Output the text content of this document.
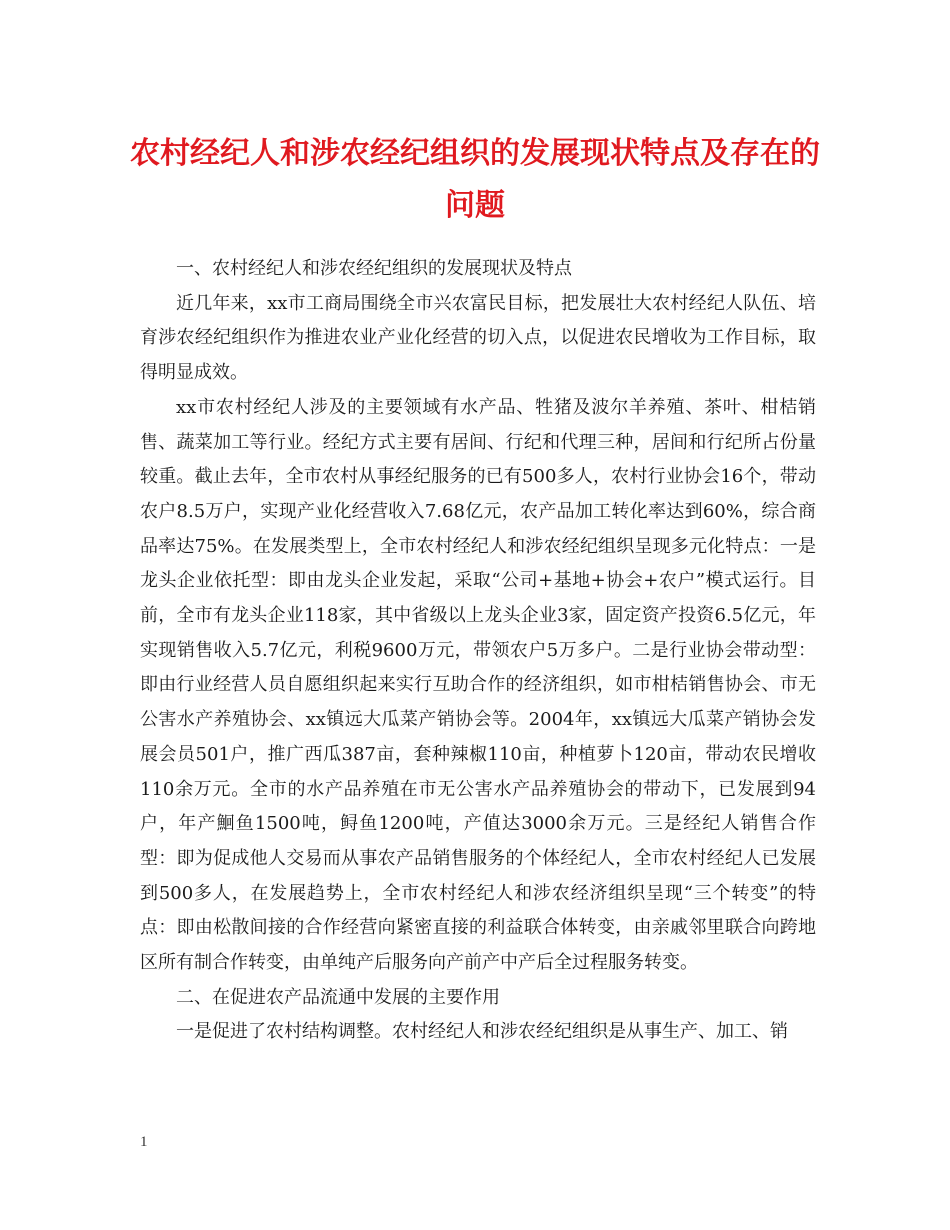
农村经纪人和涉农经纪组织的发展现状特点及存在的问题

一、农村经纪人和涉农经纪组织的发展现状及特点

近几年来，xx市工商局围绕全市兴农富民目标，把发展壮大农村经纪人队伍、培育涉农经纪组织作为推进农业产业化经营的切入点，以促进农民增收为工作目标，取得明显成效。

xx市农村经纪人涉及的主要领域有水产品、牲猪及波尔羊养殖、茶叶、柑桔销售、蔬菜加工等行业。经纪方式主要有居间、行纪和代理三种，居间和行纪所占份量较重。截止去年，全市农村从事经纪服务的已有500多人，农村行业协会16个，带动农户8.5万户，实现产业化经营收入7.68亿元，农产品加工转化率达到60%，综合商品率达75%。在发展类型上，全市农村经纪人和涉农经纪组织呈现多元化特点：一是龙头企业依托型：即由龙头企业发起，采取“公司+基地+协会+农户”模式运行。目前，全市有龙头企业118家，其中省级以上龙头企业3家，固定资产投资6.5亿元，年实现销售收入5.7亿元，利税9600万元，带领农户5万多户。二是行业协会带动型：即由行业经营人员自愿组织起来实行互助合作的经济组织，如市柑桔销售协会、市无公害水产养殖协会、xx镇远大瓜菜产销协会等。2004年，xx镇远大瓜菜产销协会发展会员501户，推广西瓜387亩，套种辣椒110亩，种植萝卜120亩，带动农民增收110余万元。全市的水产品养殖在市无公害水产品养殖协会的带动下，已发展到94户，年产鮰鱼1500吨，鲟鱼1200吨，产值达3000余万元。三是经纪人销售合作型：即为促成他人交易而从事农产品销售服务的个体经纪人，全市农村经纪人已发展到500多人，在发展趋势上，全市农村经纪人和涉农经济组织呈现“三个转变”的特点：即由松散间接的合作经营向紧密直接的利益联合体转变，由亲戚邻里联合向跨地区所有制合作转变，由单纯产后服务向产前产中产后全过程服务转变。

二、在促进农产品流通中发展的主要作用

一是促进了农村结构调整。农村经纪人和涉农经纪组织是从事生产、加工、销

1
